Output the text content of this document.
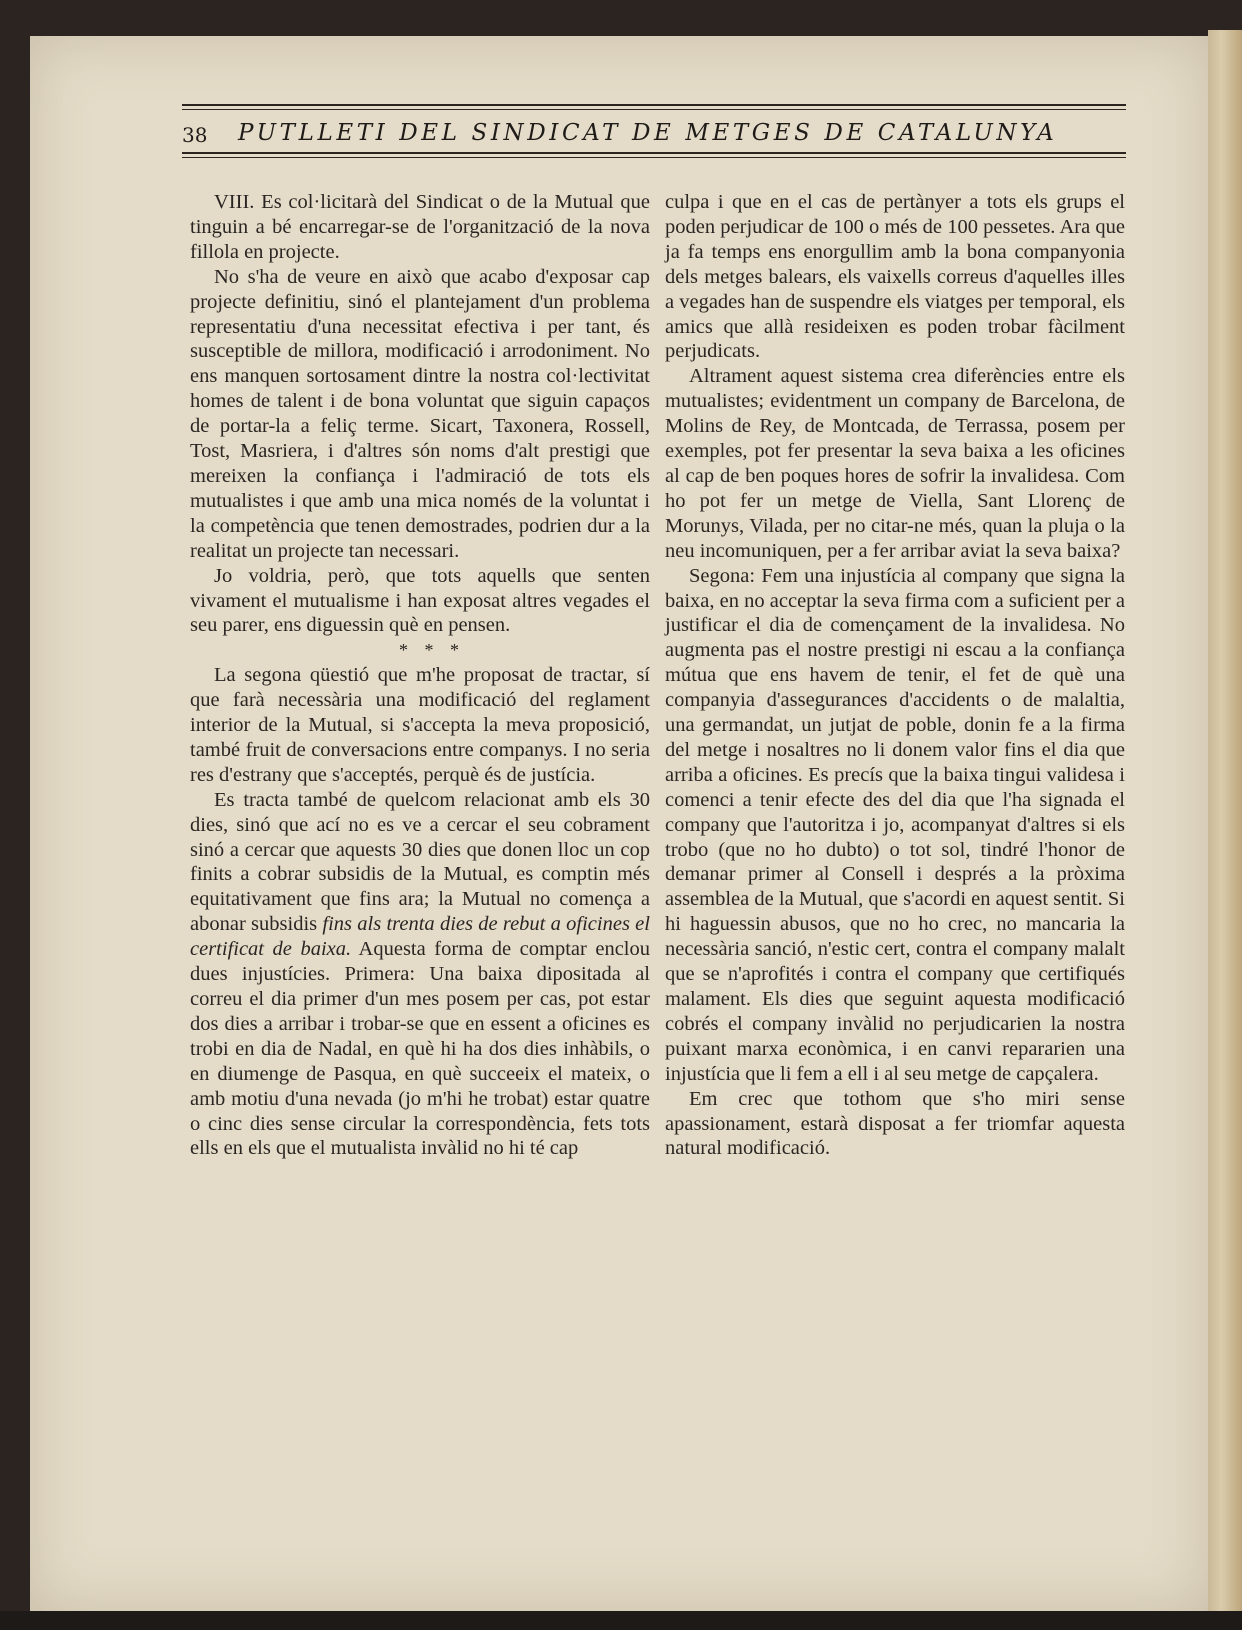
38 PUTLLETI DEL SINDICAT DE METGES DE CATALUNYA

VIII. Es col·licitarà del Sindicat o de la Mutual que tinguin a bé encarregar-se de l'organització de la nova fillola en projecte.

No s'ha de veure en això que acabo d'exposar cap projecte definitiu, sinó el plantejament d'un problema representatiu d'una necessitat efectiva i per tant, és susceptible de millora, modificació i arrodoniment. No ens manquen sortosament dintre la nostra col·lectivitat homes de talent i de bona voluntat que siguin capaços de portar-la a feliç terme. Sicart, Taxonera, Rossell, Tost, Masriera, i d'altres són noms d'alt prestigi que mereixen la confiança i l'admiració de tots els mutualistes i que amb una mica només de la voluntat i la competència que tenen demostrades, podrien dur a la realitat un projecte tan necessari.

Jo voldria, però, que tots aquells que senten vivament el mutualisme i han exposat altres vegades el seu parer, ens diguessin què en pensen.

* * *

La segona qüestió que m'he proposat de tractar, sí que farà necessària una modificació del reglament interior de la Mutual, si s'accepta la meva proposició, també fruit de conversacions entre companys. I no seria res d'estrany que s'acceptés, perquè és de justícia.

Es tracta també de quelcom relacionat amb els 30 dies, sinó que ací no es ve a cercar el seu cobrament sinó a cercar que aquests 30 dies que donen lloc un cop finits a cobrar subsidis de la Mutual, es comptin més equitativament que fins ara; la Mutual no comença a abonar subsidis fins als trenta dies de rebut a oficines el certificat de baixa. Aquesta forma de comptar enclou dues injustícies. Primera: Una baixa dipositada al correu el dia primer d'un mes posem per cas, pot estar dos dies a arribar i trobar-se que en essent a oficines es trobi en dia de Nadal, en què hi ha dos dies inhàbils, o en diumenge de Pasqua, en què succeeix el mateix, o amb motiu d'una nevada (jo m'hi he trobat) estar quatre o cinc dies sense circular la correspondència, fets tots ells en els que el mutualista invàlid no hi té cap

culpa i que en el cas de pertànyer a tots els grups el poden perjudicar de 100 o més de 100 pessetes. Ara que ja fa temps ens enorgullim amb la bona companyonia dels metges balears, els vaixells correus d'aquelles illes a vegades han de suspendre els viatges per temporal, els amics que allà resideixen es poden trobar fàcilment perjudicats.

Altrament aquest sistema crea diferències entre els mutualistes; evidentment un company de Barcelona, de Molins de Rey, de Montcada, de Terrassa, posem per exemples, pot fer presentar la seva baixa a les oficines al cap de ben poques hores de sofrir la invalidesa. Com ho pot fer un metge de Viella, Sant Llorenç de Morunys, Vilada, per no citar-ne més, quan la pluja o la neu incomuniquen, per a fer arribar aviat la seva baixa?

Segona: Fem una injustícia al company que signa la baixa, en no acceptar la seva firma com a suficient per a justificar el dia de començament de la invalidesa. No augmenta pas el nostre prestigi ni escau a la confiança mútua que ens havem de tenir, el fet de què una companyia d'assegurances d'accidents o de malaltia, una germandat, un jutjat de poble, donin fe a la firma del metge i nosaltres no li donem valor fins el dia que arriba a oficines. Es precís que la baixa tingui validesa i comenci a tenir efecte des del dia que l'ha signada el company que l'autoritza i jo, acompanyat d'altres si els trobo (que no ho dubto) o tot sol, tindré l'honor de demanar primer al Consell i després a la pròxima assemblea de la Mutual, que s'acordi en aquest sentit. Si hi haguessin abusos, que no ho crec, no mancaria la necessària sanció, n'estic cert, contra el company malalt que se n'aprofités i contra el company que certifiqués malament. Els dies que seguint aquesta modificació cobrés el company invàlid no perjudicarien la nostra puixant marxa econòmica, i en canvi repararien una injustícia que li fem a ell i al seu metge de capçalera.

Em crec que tothom que s'ho miri sense apassionament, estarà disposat a fer triomfar aquesta natural modificació.
